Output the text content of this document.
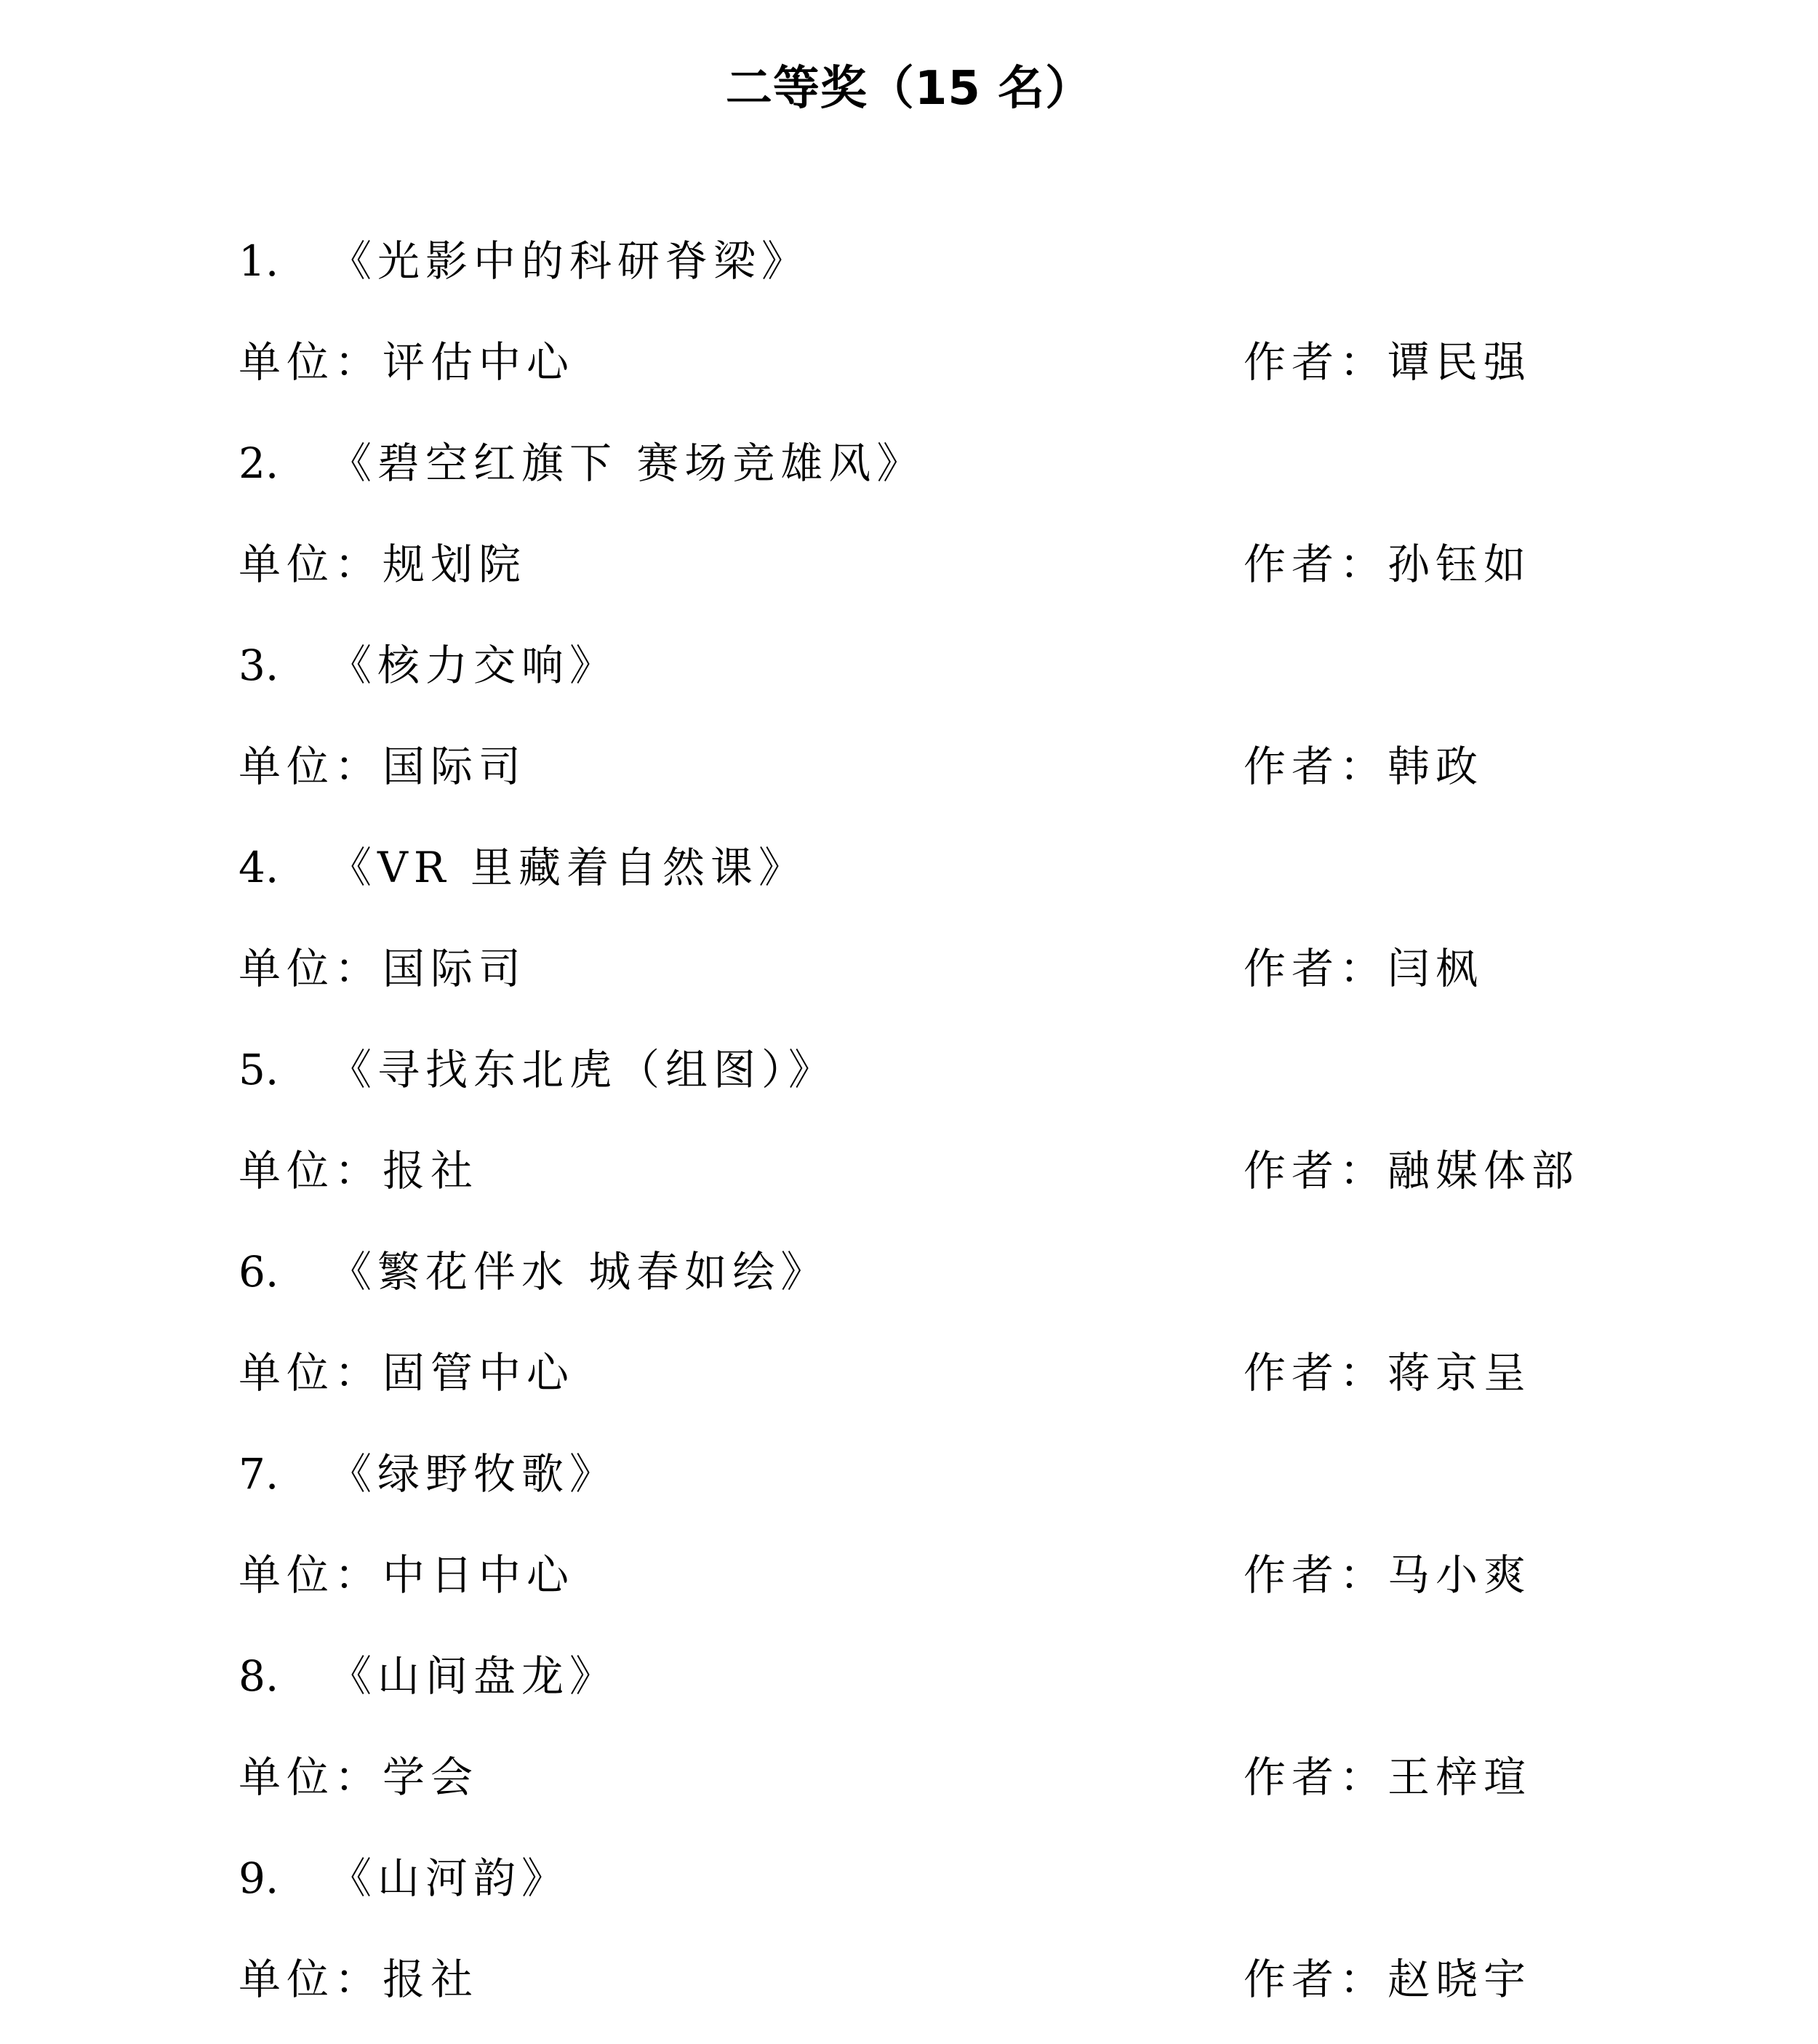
二等奖（15 名）
1. 《光影中的科研脊梁》
单位：评估中心	作者：谭民强
2. 《碧空红旗下 赛场竞雄风》
单位：规划院	作者：孙钰如
3. 《核力交响》
单位：国际司	作者：韩政
4. 《VR 里藏着自然课》
单位：国际司	作者：闫枫
5. 《寻找东北虎（组图）》
单位：报社	作者：融媒体部
6. 《繁花伴水 城春如绘》
单位：固管中心	作者：蒋京呈
7. 《绿野牧歌》
单位：中日中心	作者：马小爽
8. 《山间盘龙》
单位：学会	作者：王梓瑄
9. 《山河韵》
单位：报社	作者：赵晓宇
